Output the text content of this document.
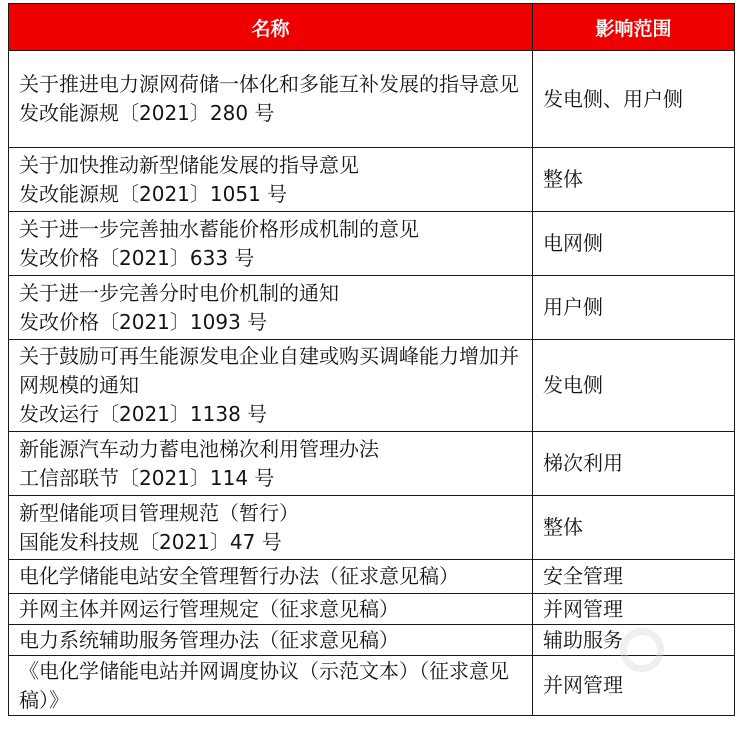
名称	影响范围

关于推进电力源网荷储一体化和多能互补发展的指导意见
发改能源规〔2021〕280 号	发电侧、用户侧

关于加快推动新型储能发展的指导意见
发改能源规〔2021〕1051 号	整体

关于进一步完善抽水蓄能价格形成机制的意见
发改价格〔2021〕633 号	电网侧

关于进一步完善分时电价机制的通知
发改价格〔2021〕1093 号	用户侧

关于鼓励可再生能源发电企业自建或购买调峰能力增加并网规模的通知
发改运行〔2021〕1138 号	发电侧

新能源汽车动力蓄电池梯次利用管理办法
工信部联节〔2021〕114 号	梯次利用

新型储能项目管理规范（暂行）
国能发科技规〔2021〕47 号	整体

电化学储能电站安全管理暂行办法（征求意见稿）	安全管理

并网主体并网运行管理规定（征求意见稿）	并网管理

电力系统辅助服务管理办法（征求意见稿）	辅助服务

《电化学储能电站并网调度协议（示范文本）（征求意见稿）》	并网管理
